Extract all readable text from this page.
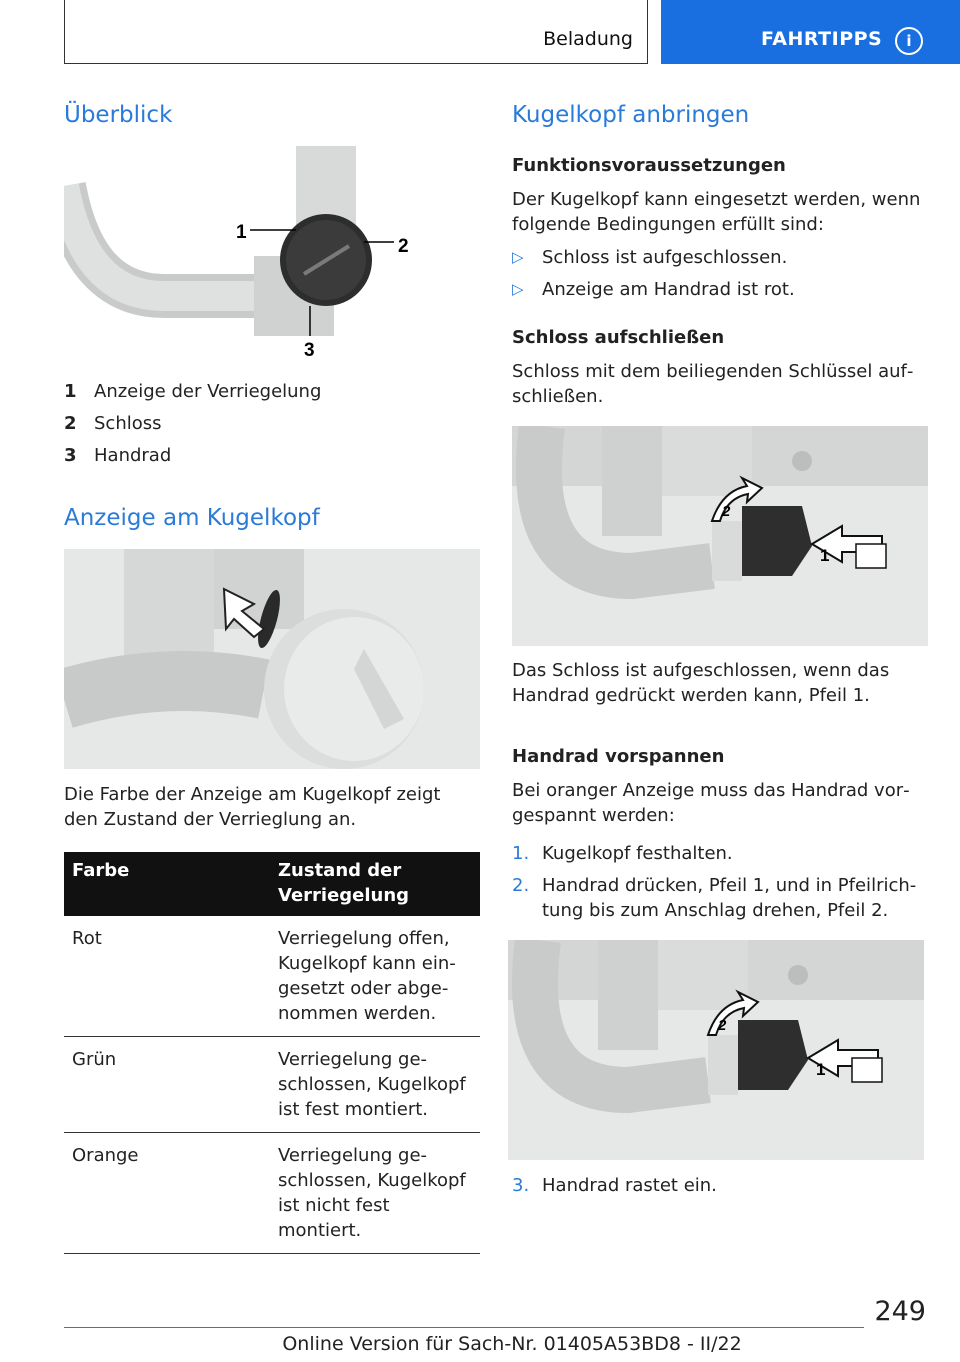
Beladung	FAHRTIPPS	i
Überblick
1
2
3
1 Anzeige der Verriegelung
2 Schloss
3 Handrad
Anzeige am Kugelkopf

Die Farbe der Anzeige am Kugelkopf zeigt den Zustand der Verrieglung an.

Farbe	Zustand der Verriegelung
Rot	Verriegelung offen, Kugelkopf kann eingesetzt oder abgenommen werden.
Grün	Verriegelung geschlossen, Kugelkopf ist fest montiert.
Orange	Verriegelung geschlossen, Kugelkopf ist nicht fest montiert.
Kugelkopf anbringen
Funktionsvoraussetzungen

Der Kugelkopf kann eingesetzt werden, wenn folgende Bedingungen erfüllt sind:

▷ Schloss ist aufgeschlossen.
▷ Anzeige am Handrad ist rot.
Schloss aufschließen

Schloss mit dem beiliegenden Schlüssel aufschließen.

1
2

Das Schloss ist aufgeschlossen, wenn das Handrad gedrückt werden kann, Pfeil 1.

Handrad vorspannen

Bei oranger Anzeige muss das Handrad vorgespannt werden:

1. Kugelkopf festhalten.
2. Handrad drücken, Pfeil 1, und in Pfeilrichtung bis zum Anschlag drehen, Pfeil 2.
1
2
3. Handrad rastet ein.
249
Online Version für Sach-Nr. 01405A53BD8 - II/22
